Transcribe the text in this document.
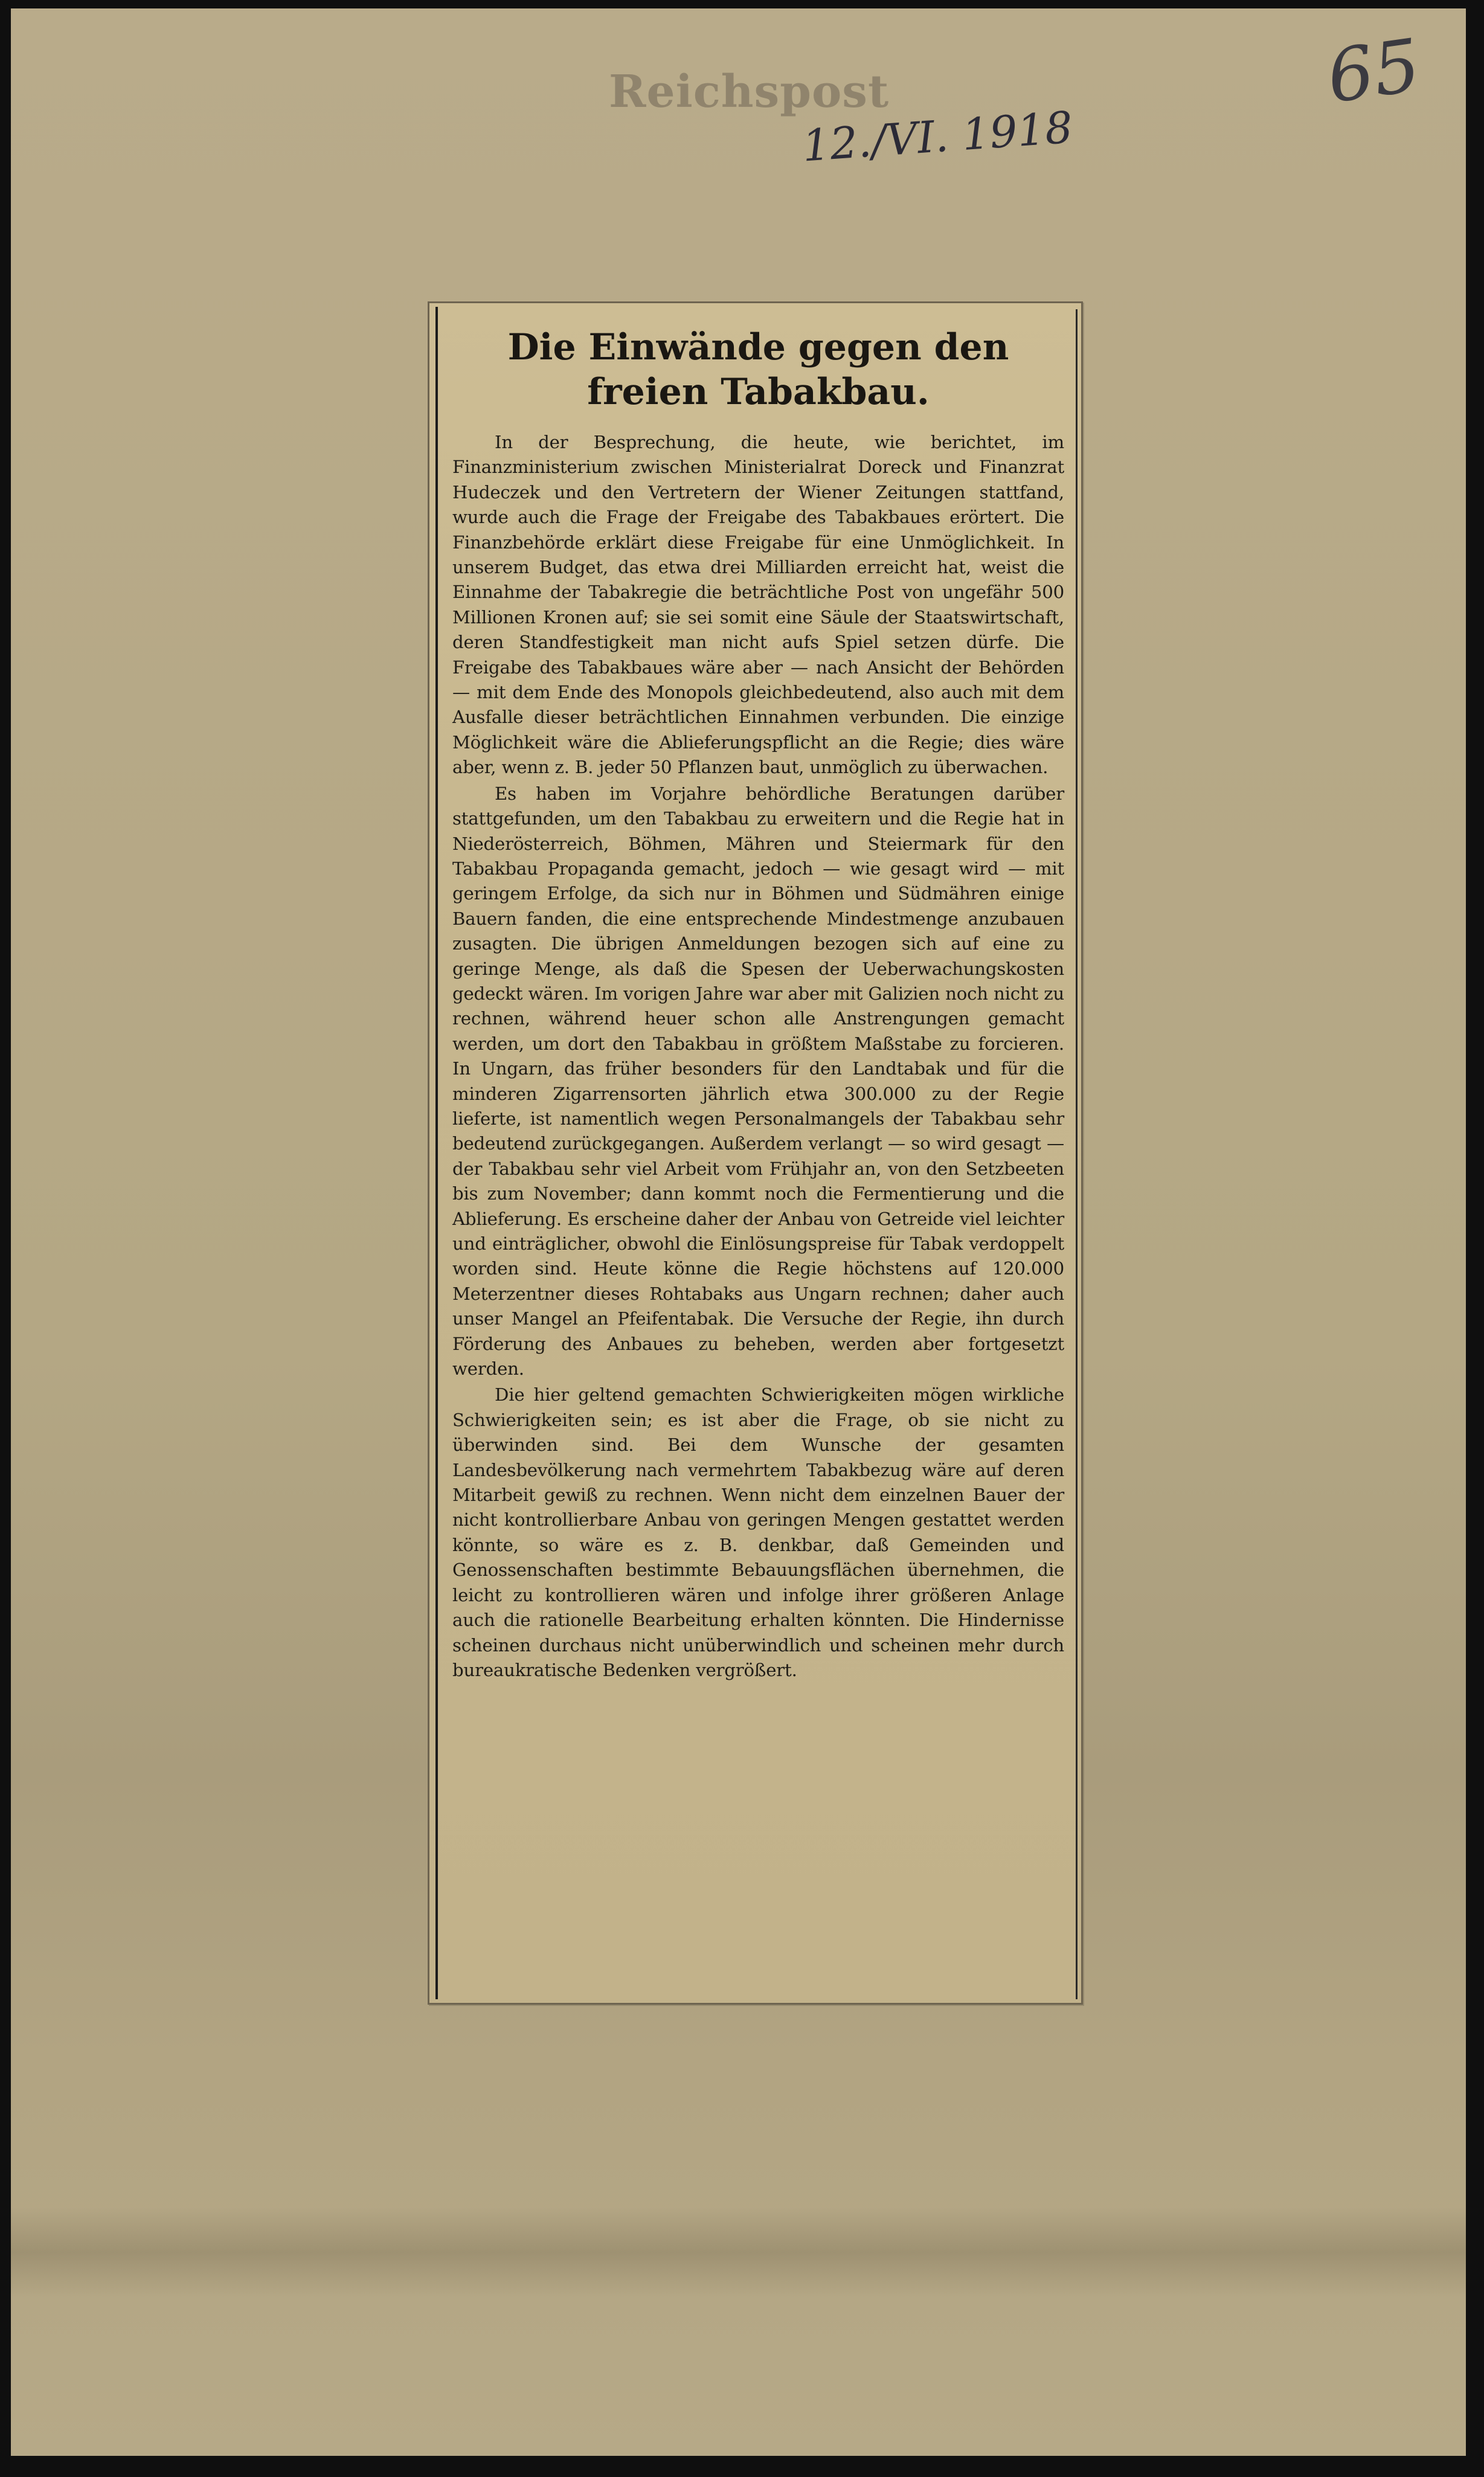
Reichspost
12./VI. 1918
65
Die Einwände gegen den freien Tabakbau.

In der Besprechung, die heute, wie berichtet, im Finanzministerium zwischen Ministerialrat Doreck und Finanzrat Hudeczek und den Vertretern der Wiener Zeitungen stattfand, wurde auch die Frage der Freigabe des Tabakbaues erörtert. Die Finanzbehörde erklärt diese Freigabe für eine Unmöglichkeit. In unserem Budget, das etwa drei Milliarden erreicht hat, weist die Einnahme der Tabakregie die beträchtliche Post von ungefähr 500 Millionen Kronen auf; sie sei somit eine Säule der Staatswirtschaft, deren Standfestigkeit man nicht aufs Spiel setzen dürfe. Die Freigabe des Tabakbaues wäre aber — nach Ansicht der Behörden — mit dem Ende des Monopols gleichbedeutend, also auch mit dem Ausfalle dieser beträchtlichen Einnahmen verbunden. Die einzige Möglichkeit wäre die Ablieferungspflicht an die Regie; dies wäre aber, wenn z. B. jeder 50 Pflanzen baut, unmöglich zu überwachen.

Es haben im Vorjahre behördliche Beratungen darüber stattgefunden, um den Tabakbau zu erweitern und die Regie hat in Niederösterreich, Böhmen, Mähren und Steiermark für den Tabakbau Propaganda gemacht, jedoch — wie gesagt wird — mit geringem Erfolge, da sich nur in Böhmen und Südmähren einige Bauern fanden, die eine entsprechende Mindestmenge anzubauen zusagten. Die übrigen Anmeldungen bezogen sich auf eine zu geringe Menge, als daß die Spesen der Ueberwachungskosten gedeckt wären. Im vorigen Jahre war aber mit Galizien noch nicht zu rechnen, während heuer schon alle Anstrengungen gemacht werden, um dort den Tabakbau in größtem Maßstabe zu forcieren. In Ungarn, das früher besonders für den Landtabak und für die minderen Zigarrensorten jährlich etwa 300.000 zu der Regie lieferte, ist namentlich wegen Personalmangels der Tabakbau sehr bedeutend zurückgegangen. Außerdem verlangt — so wird gesagt — der Tabakbau sehr viel Arbeit vom Frühjahr an, von den Setzbeeten bis zum November; dann kommt noch die Fermentierung und die Ablieferung. Es erscheine daher der Anbau von Getreide viel leichter und einträglicher, obwohl die Einlösungspreise für Tabak verdoppelt worden sind. Heute könne die Regie höchstens auf 120.000 Meterzentner dieses Rohtabaks aus Ungarn rechnen; daher auch unser Mangel an Pfeifentabak. Die Versuche der Regie, ihn durch Förderung des Anbaues zu beheben, werden aber fortgesetzt werden.

Die hier geltend gemachten Schwierigkeiten mögen wirkliche Schwierigkeiten sein; es ist aber die Frage, ob sie nicht zu überwinden sind. Bei dem Wunsche der gesamten Landesbevölkerung nach vermehrtem Tabakbezug wäre auf deren Mitarbeit gewiß zu rechnen. Wenn nicht dem einzelnen Bauer der nicht kontrollierbare Anbau von geringen Mengen gestattet werden könnte, so wäre es z. B. denkbar, daß Gemeinden und Genossenschaften bestimmte Bebauungsflächen übernehmen, die leicht zu kontrollieren wären und infolge ihrer größeren Anlage auch die rationelle Bearbeitung erhalten könnten. Die Hindernisse scheinen durchaus nicht unüberwindlich und scheinen mehr durch bureaukratische Bedenken vergrößert.
